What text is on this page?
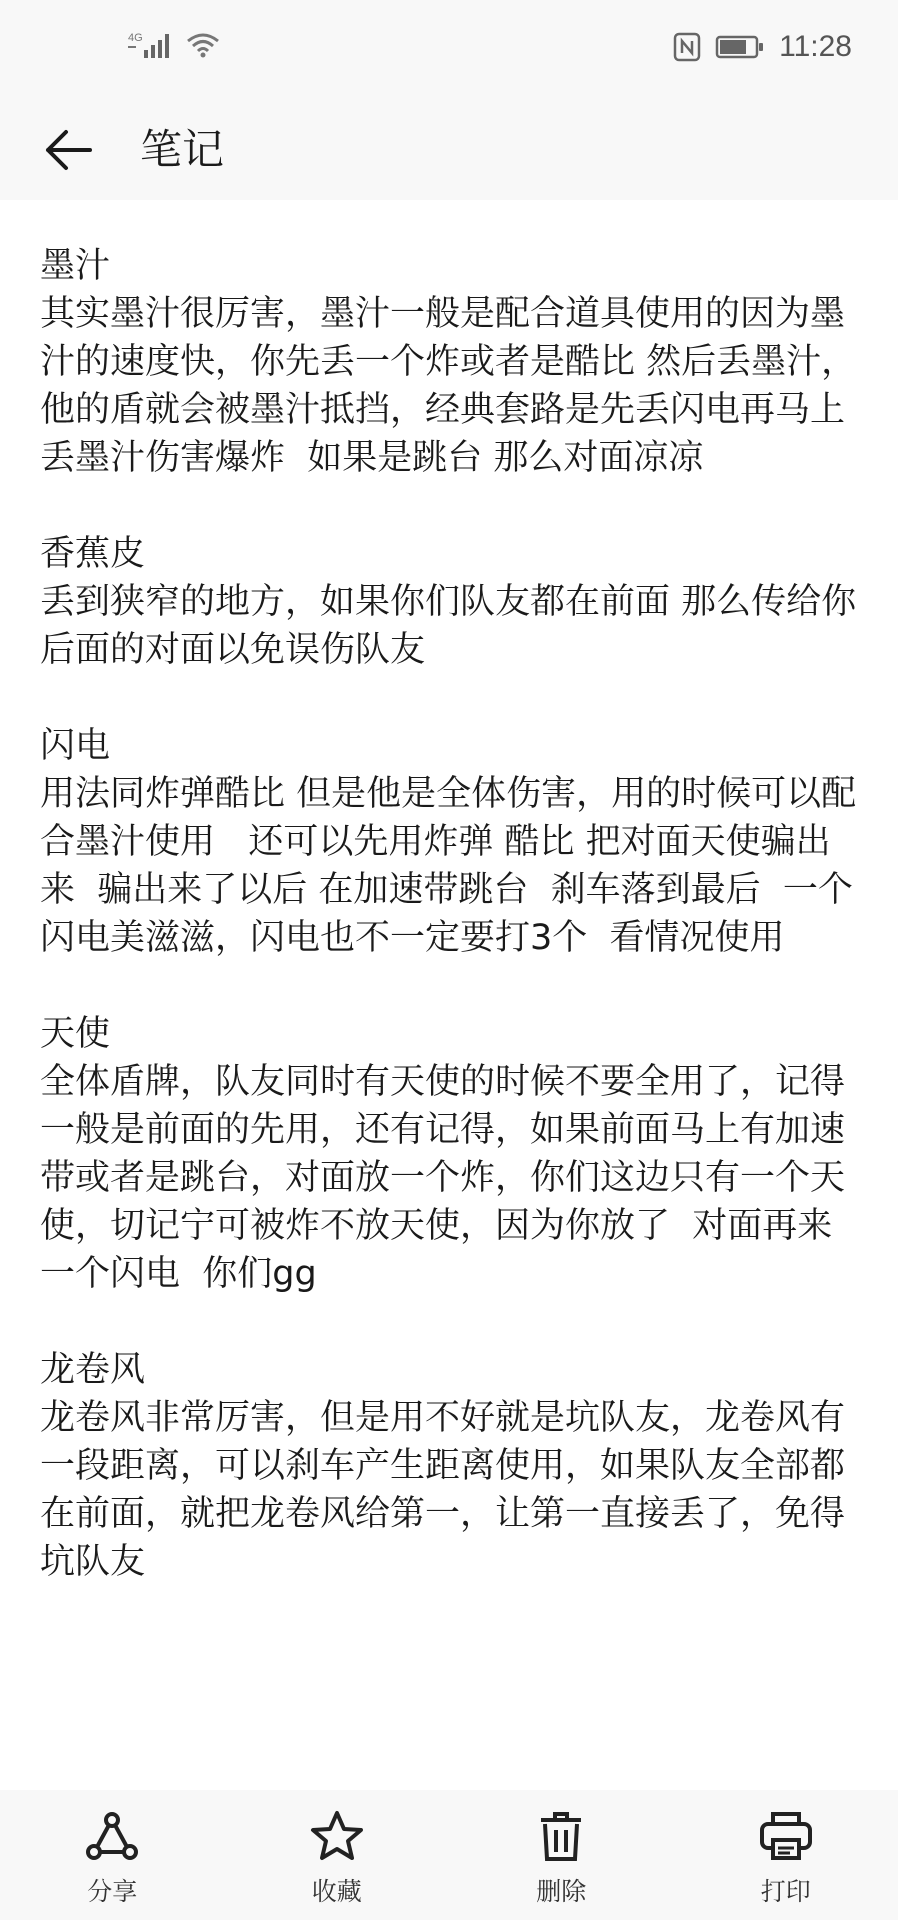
4G	11:28
笔记
墨汁

其实墨汁很厉害，墨汁一般是配合道具使用的因为墨汁的速度快，你先丢一个炸或者是酷比 然后丢墨汁，他的盾就会被墨汁抵挡，经典套路是先丢闪电再马上丢墨汁伤害爆炸  如果是跳台 那么对面凉凉

香蕉皮

丢到狭窄的地方，如果你们队友都在前面 那么传给你后面的对面以免误伤队友

闪电

用法同炸弹酷比 但是他是全体伤害，用的时候可以配合墨汁使用   还可以先用炸弹 酷比 把对面天使骗出来  骗出来了以后 在加速带跳台  刹车落到最后  一个闪电美滋滋，闪电也不一定要打3个  看情况使用

天使

全体盾牌，队友同时有天使的时候不要全用了，记得一般是前面的先用，还有记得，如果前面马上有加速带或者是跳台，对面放一个炸，你们这边只有一个天使，切记宁可被炸不放天使，因为你放了  对面再来一个闪电  你们gg

龙卷风

龙卷风非常厉害，但是用不好就是坑队友，龙卷风有一段距离，可以刹车产生距离使用，如果队友全部都在前面，就把龙卷风给第一，让第一直接丢了，免得坑队友

分享	收藏	删除	打印
